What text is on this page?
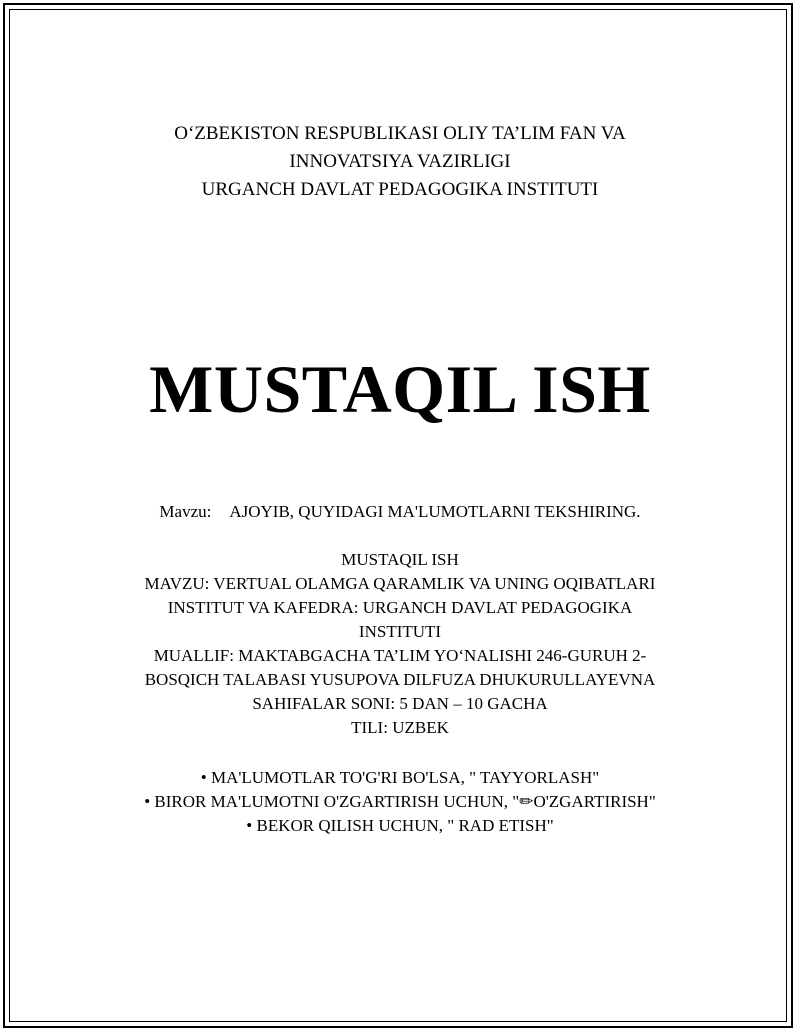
O‘ZBEKISTON RESPUBLIKASI OLIY TA’LIM FAN VA
INNOVATSIYA VAZIRLIGI
URGANCH DAVLAT PEDAGOGIKA INSTITUTI
MUSTAQIL ISH
Mavzu: AJOYIB, QUYIDAGI MA'LUMOTLARNI TEKSHIRING.
MUSTAQIL ISH
MAVZU: VERTUAL OLAMGA QARAMLIK VA UNING OQIBATLARI
INSTITUT VA KAFEDRA: URGANCH DAVLAT PEDAGOGIKA
INSTITUTI
MUALLIF: MAKTABGACHA TA’LIM YO‘NALISHI 246-GURUH 2-
BOSQICH TALABASI YUSUPOVA DILFUZA DHUKURULLAYEVNA
SAHIFALAR SONI: 5 DAN – 10 GACHA
TILI: UZBEK
• MA'LUMOTLAR TO'G'RI BO'LSA, " TAYYORLASH"
• BIROR MA'LUMOTNI O'ZGARTIRISH UCHUN, "✏O'ZGARTIRISH"
• BEKOR QILISH UCHUN, " RAD ETISH"
